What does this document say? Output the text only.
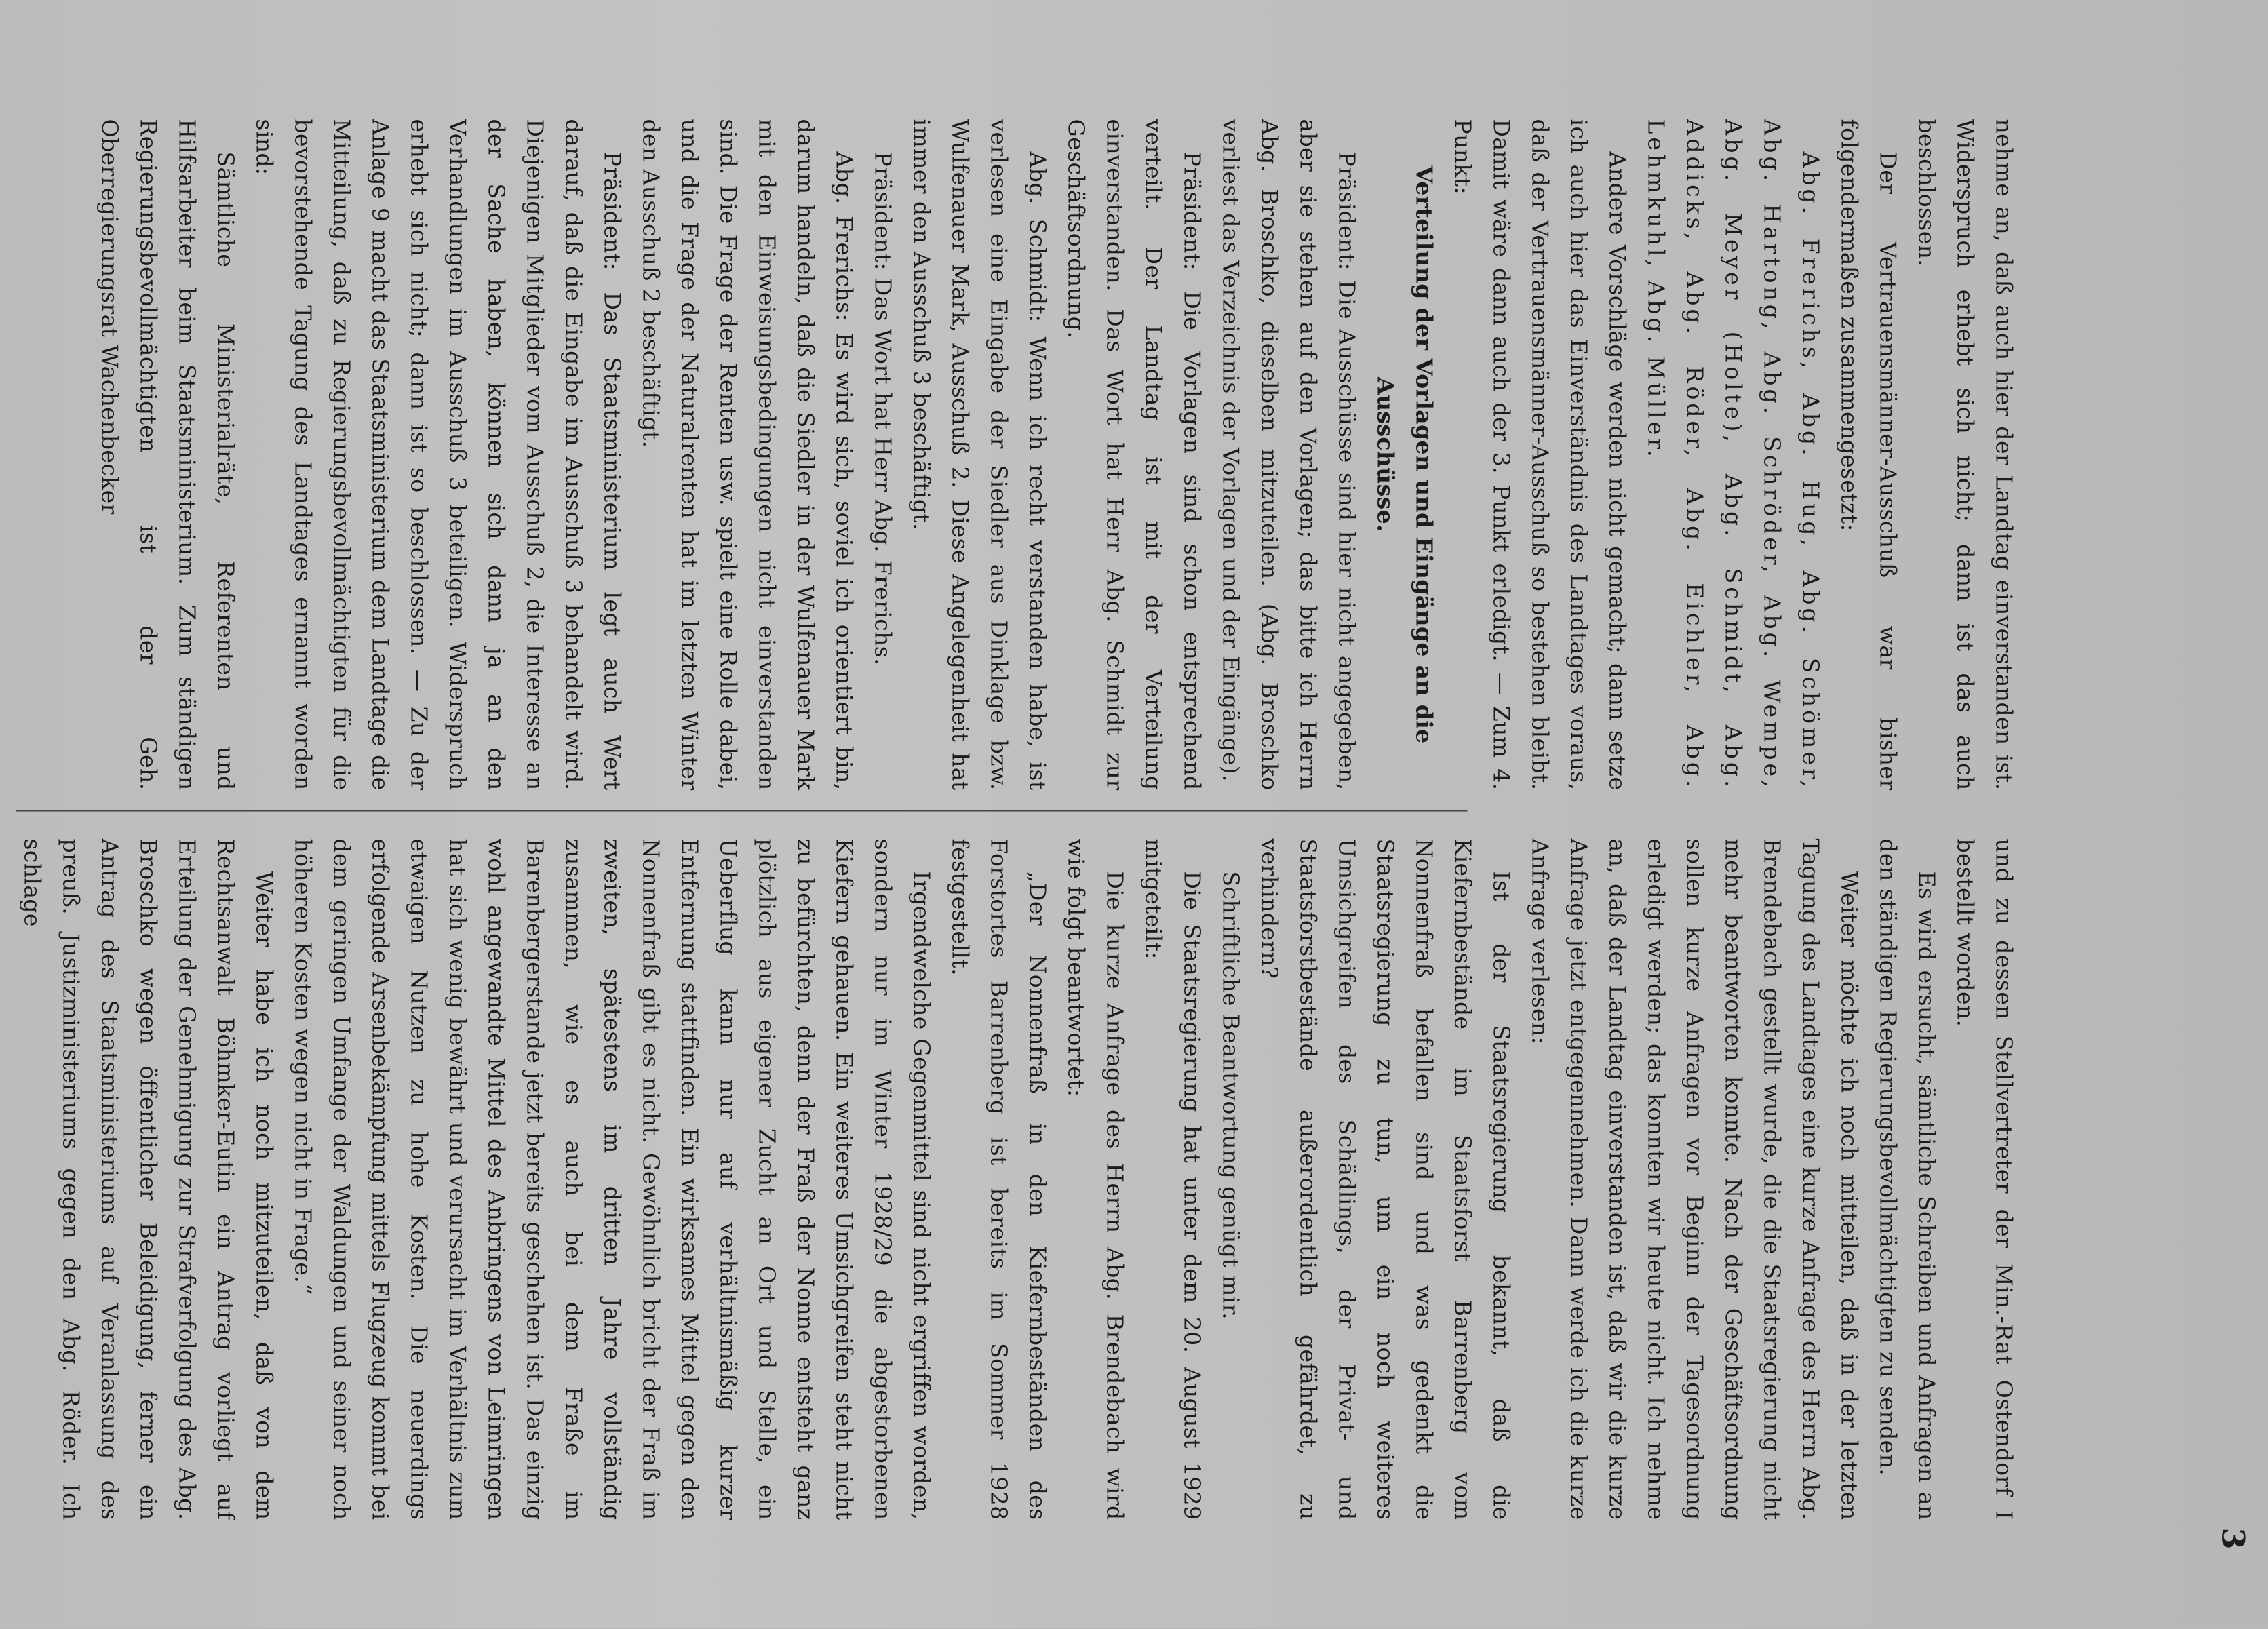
3

nehme an, daß auch hier der Landtag einverstanden ist. Widerspruch erhebt sich nicht; dann ist das auch beschlossen.

Der Vertrauensmänner-Ausschuß war bisher folgendermaßen zusammengesetzt:

Abg. Frerichs, Abg. Hug, Abg. Schömer, Abg. Hartong, Abg. Schröder, Abg. Wempe, Abg. Meyer (Holte), Abg. Schmidt, Abg. Addicks, Abg. Röder, Abg. Eichler, Abg. Lehmkuhl, Abg. Müller.

Andere Vorschläge werden nicht gemacht; dann setze ich auch hier das Einverständnis des Landtages voraus, daß der Vertrauensmänner-Ausschuß so bestehen bleibt. Damit wäre dann auch der 3. Punkt erledigt. — Zum 4. Punkt:

Verteilung der Vorlagen und Eingänge an die Ausschüsse.

Präsident: Die Ausschüsse sind hier nicht angegeben, aber sie stehen auf den Vorlagen; das bitte ich Herrn Abg. Broschko, dieselben mitzuteilen. (Abg. Broschko verliest das Verzeichnis der Vorlagen und der Eingänge).

Präsident: Die Vorlagen sind schon entsprechend verteilt. Der Landtag ist mit der Verteilung einverstanden. Das Wort hat Herr Abg. Schmidt zur Geschäftsordnung.

Abg. Schmidt: Wenn ich recht verstanden habe, ist verlesen eine Eingabe der Siedler aus Dinklage bzw. Wulfenauer Mark, Ausschuß 2. Diese Angelegenheit hat immer den Ausschuß 3 beschäftigt.

Präsident: Das Wort hat Herr Abg. Frerichs.

Abg. Frerichs: Es wird sich, soviel ich orientiert bin, darum handeln, daß die Siedler in der Wulfenauer Mark mit den Einweisungsbedingungen nicht einverstanden sind. Die Frage der Renten usw. spielt eine Rolle dabei, und die Frage der Naturalrenten hat im letzten Winter den Ausschuß 2 beschäftigt.

Präsident: Das Staatsministerium legt auch Wert darauf, daß die Eingabe im Ausschuß 3 behandelt wird. Diejenigen Mitglieder vom Ausschuß 2, die Interesse an der Sache haben, können sich dann ja an den Verhandlungen im Ausschuß 3 beteiligen. Widerspruch erhebt sich nicht; dann ist so beschlossen. — Zu der Anlage 9 macht das Staatsministerium dem Landtage die Mitteilung, daß zu Regierungsbevollmächtigten für die bevorstehende Tagung des Landtages ernannt worden sind:

Sämtliche Ministerialräte, Referenten und Hilfsarbeiter beim Staatsministerium. Zum ständigen Regierungsbevollmächtigten ist der Geh. Oberregierungsrat Wachenbecker

und zu dessen Stellvertreter der Min.-Rat Ostendorf I bestellt worden.

Es wird ersucht, sämtliche Schreiben und Anfragen an den ständigen Regierungsbevollmächtigten zu senden.

Weiter möchte ich noch mitteilen, daß in der letzten Tagung des Landtages eine kurze Anfrage des Herrn Abg. Brendebach gestellt wurde, die die Staatsregierung nicht mehr beantworten konnte. Nach der Geschäftsordnung sollen kurze Anfragen vor Beginn der Tagesordnung erledigt werden; das konnten wir heute nicht. Ich nehme an, daß der Landtag einverstanden ist, daß wir die kurze Anfrage jetzt entgegennehmen. Dann werde ich die kurze Anfrage verlesen:

Ist der Staatsregierung bekannt, daß die Kiefernbestände im Staatsforst Barrenberg vom Nonnenfraß befallen sind und was gedenkt die Staatsregierung zu tun, um ein noch weiteres Umsichgreifen des Schädlings, der Privat- und Staatsforstbestände außerordentlich gefährdet, zu verhindern?

Schriftliche Beantwortung genügt mir.

Die Staatsregierung hat unter dem 20. August 1929 mitgeteilt:

Die kurze Anfrage des Herrn Abg. Brendebach wird wie folgt beantwortet:

„Der Nonnenfraß in den Kiefernbeständen des Forstortes Barrenberg ist bereits im Sommer 1928 festgestellt.

Irgendwelche Gegenmittel sind nicht ergriffen worden, sondern nur im Winter 1928/29 die abgestorbenen Kiefern gehauen. Ein weiteres Umsichgreifen steht nicht zu befürchten, denn der Fraß der Nonne entsteht ganz plötzlich aus eigener Zucht an Ort und Stelle, ein Ueberflug kann nur auf verhältnismäßig kurzer Entfernung stattfinden. Ein wirksames Mittel gegen den Nonnenfraß gibt es nicht. Gewöhnlich bricht der Fraß im zweiten, spätestens im dritten Jahre vollständig zusammen, wie es auch bei dem Fraße im Barenbergerstande jetzt bereits geschehen ist. Das einzig wohl angewandte Mittel des Anbringens von Leimringen hat sich wenig bewährt und verursacht im Verhältnis zum etwaigen Nutzen zu hohe Kosten. Die neuerdings erfolgende Arsenbekämpfung mittels Flugzeug kommt bei dem geringen Umfange der Waldungen und seiner noch höheren Kosten wegen nicht in Frage.“

Weiter habe ich noch mitzuteilen, daß von dem Rechtsanwalt Böhmker-Eutin ein Antrag vorliegt auf Erteilung der Genehmigung zur Strafverfolgung des Abg. Broschko wegen öffentlicher Beleidigung, ferner ein Antrag des Staatsministeriums auf Veranlassung des preuß. Justizministeriums gegen den Abg. Röder. Ich schlage
